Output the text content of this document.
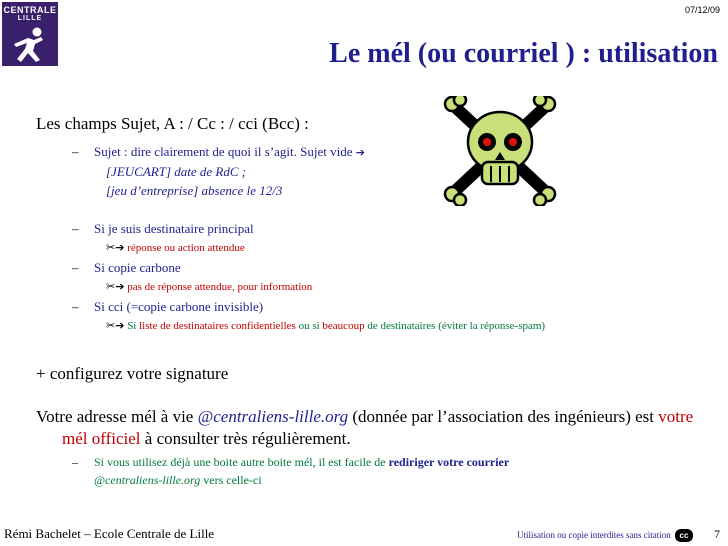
CENTRALE
LILLE
07/12/09
Le mél (ou courriel ) : utilisation
Les champs Sujet, A : / Cc : / cci (Bcc) :
– Sujet : dire clairement de quoi il s’agit. Sujet vide ➔
[JEUCART] date de RdC ;
[jeu d’entreprise] absence le 12/3
– Si je suis destinataire principal
✂➔ réponse ou action attendue
– Si copie carbone
✂➔ pas de réponse attendue, pour information
– Si cci (=copie carbone invisible)
✂➔ Si liste de destinataires confidentielles ou si beaucoup de destinataires (éviter la réponse-spam)
+ configurez votre signature
Votre adresse mél à vie @centraliens-lille.org (donnée par l’association des ingénieurs) est votre mél officiel à consulter très régulièrement.
– Si vous utilisez déjà une boite autre boite mél, il est facile de rediriger votre courrier
@centraliens-lille.org vers celle-ci
Rémi Bachelet – Ecole Centrale de Lille	Utilisation ou copie interdites sans citation	cc	7
